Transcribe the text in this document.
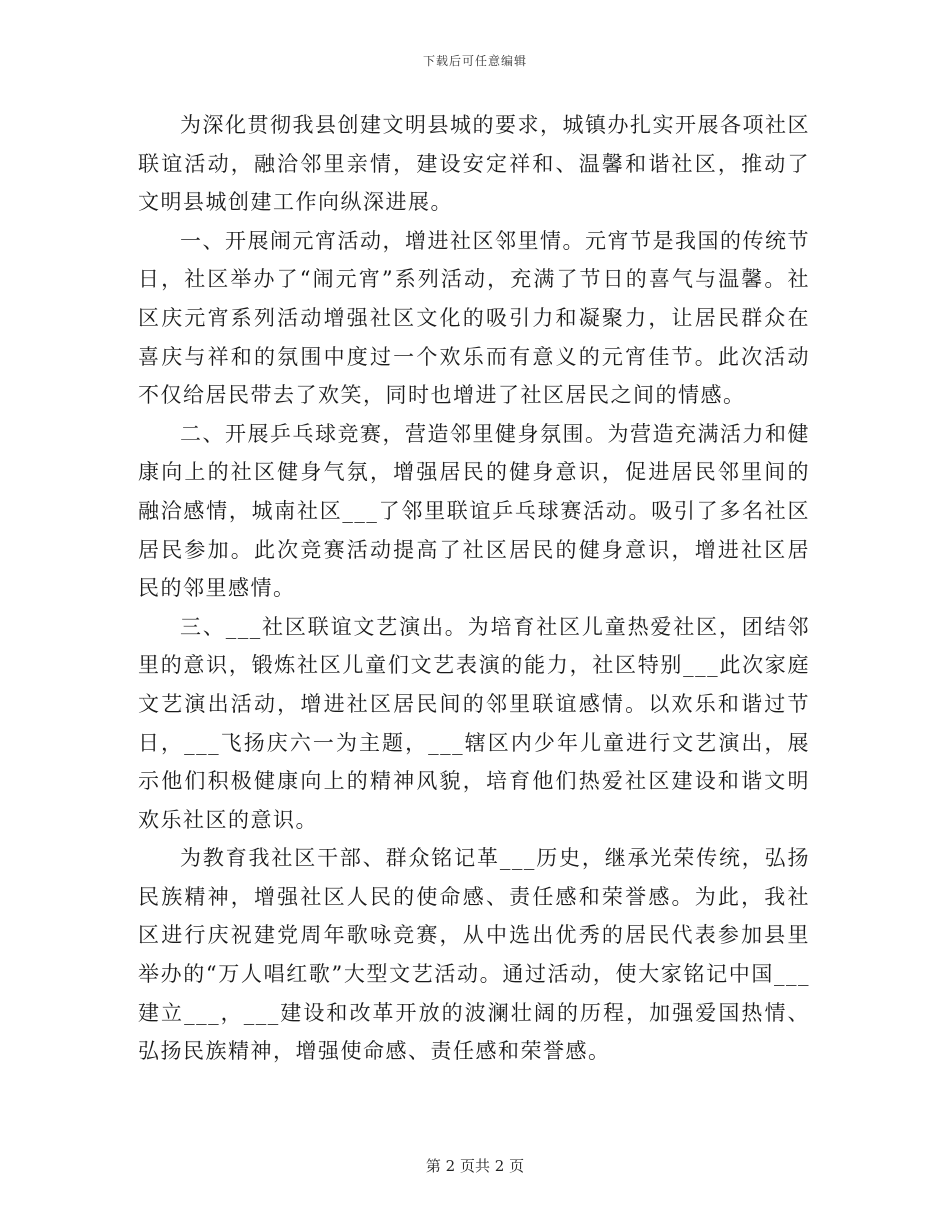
下载后可任意编辑

为深化贯彻我县创建文明县城的要求，城镇办扎实开展各项社区联谊活动，融洽邻里亲情，建设安定祥和、温馨和谐社区，推动了文明县城创建工作向纵深进展。

一、开展闹元宵活动，增进社区邻里情。元宵节是我国的传统节日，社区举办了“闹元宵”系列活动，充满了节日的喜气与温馨。社区庆元宵系列活动增强社区文化的吸引力和凝聚力，让居民群众在喜庆与祥和的氛围中度过一个欢乐而有意义的元宵佳节。此次活动不仅给居民带去了欢笑，同时也增进了社区居民之间的情感。

二、开展乒乓球竞赛，营造邻里健身氛围。为营造充满活力和健康向上的社区健身气氛，增强居民的健身意识，促进居民邻里间的融洽感情，城南社区___了邻里联谊乒乓球赛活动。吸引了多名社区居民参加。此次竞赛活动提高了社区居民的健身意识，增进社区居民的邻里感情。

三、___社区联谊文艺演出。为培育社区儿童热爱社区，团结邻里的意识，锻炼社区儿童们文艺表演的能力，社区特别___此次家庭文艺演出活动，增进社区居民间的邻里联谊感情。以欢乐和谐过节日，___飞扬庆六一为主题，___辖区内少年儿童进行文艺演出，展示他们积极健康向上的精神风貌，培育他们热爱社区建设和谐文明欢乐社区的意识。

为教育我社区干部、群众铭记革___历史，继承光荣传统，弘扬民族精神，增强社区人民的使命感、责任感和荣誉感。为此，我社区进行庆祝建党周年歌咏竞赛，从中选出优秀的居民代表参加县里举办的“万人唱红歌”大型文艺活动。通过活动，使大家铭记中国___建立___，___建设和改革开放的波澜壮阔的历程，加强爱国热情、弘扬民族精神，增强使命感、责任感和荣誉感。

第 2 页共 2 页
